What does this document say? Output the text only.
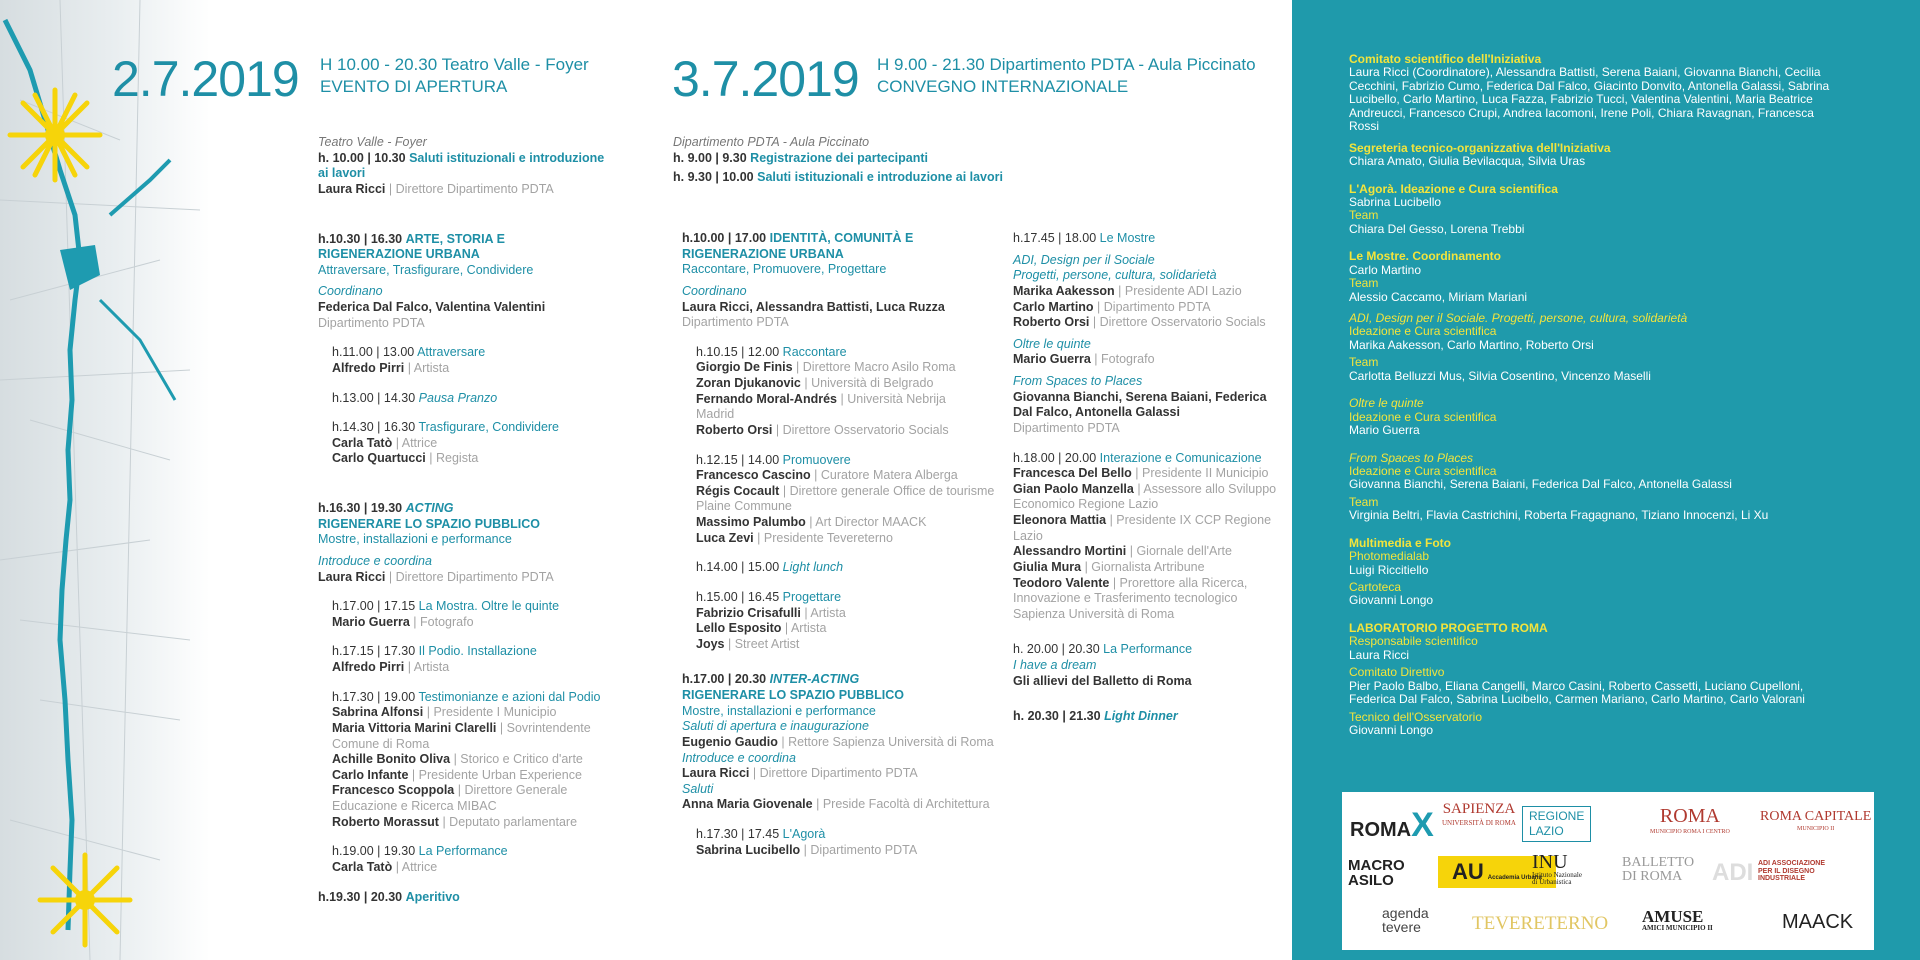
2.7.2019 H 10.00 - 20.30 Teatro Valle - Foyer
EVENTO DI APERTURA	3.7.2019 H 9.00 - 21.30 Dipartimento PDTA - Aula Piccinato
CONVEGNO INTERNAZIONALE
Teatro Valle - Foyer
h. 10.00 | 10.30 Saluti istituzionali e introduzione
ai lavori
Laura Ricci | Direttore Dipartimento PDTA
h.10.30 | 16.30 ARTE, STORIA E
RIGENERAZIONE URBANA
Attraversare, Trasfigurare, Condividere
Coordinano
Federica Dal Falco, Valentina Valentini
Dipartimento PDTA
h.11.00 | 13.00 Attraversare
Alfredo Pirri | Artista
h.13.00 | 14.30 Pausa Pranzo
h.14.30 | 16.30 Trasfigurare, Condividere
Carla Tatò | Attrice
Carlo Quartucci | Regista
h.16.30 | 19.30 ACTING
RIGENERARE LO SPAZIO PUBBLICO
Mostre, installazioni e performance
Introduce e coordina
Laura Ricci | Direttore Dipartimento PDTA
h.17.00 | 17.15 La Mostra. Oltre le quinte
Mario Guerra | Fotografo
h.17.15 | 17.30 Il Podio. Installazione
Alfredo Pirri | Artista
h.17.30 | 19.00 Testimonianze e azioni dal Podio
Sabrina Alfonsi | Presidente I Municipio
Maria Vittoria Marini Clarelli | Sovrintendente
Comune di Roma
Achille Bonito Oliva | Storico e Critico d'arte
Carlo Infante | Presidente Urban Experience
Francesco Scoppola | Direttore Generale
Educazione e Ricerca MIBAC
Roberto Morassut | Deputato parlamentare
h.19.00 | 19.30 La Performance
Carla Tatò | Attrice
h.19.30 | 20.30 Aperitivo
Dipartimento PDTA - Aula Piccinato
h. 9.00 | 9.30 Registrazione dei partecipanti
h. 9.30 | 10.00 Saluti istituzionali e introduzione ai lavori
h.10.00 | 17.00 IDENTITÀ, COMUNITÀ E
RIGENERAZIONE URBANA
Raccontare, Promuovere, Progettare
Coordinano
Laura Ricci, Alessandra Battisti, Luca Ruzza
Dipartimento PDTA
h.10.15 | 12.00 Raccontare
Giorgio De Finis | Direttore Macro Asilo Roma
Zoran Djukanovic | Università di Belgrado
Fernando Moral-Andrés | Università Nebrija
Madrid
Roberto Orsi | Direttore Osservatorio Socials
h.12.15 | 14.00 Promuovere
Francesco Cascino | Curatore Matera Alberga
Régis Cocault | Direttore generale Office de tourisme
Plaine Commune
Massimo Palumbo | Art Director MAACK
Luca Zevi | Presidente Tevereterno
h.14.00 | 15.00 Light lunch
h.15.00 | 16.45 Progettare
Fabrizio Crisafulli | Artista
Lello Esposito | Artista
Joys | Street Artist
h.17.00 | 20.30 INTER-ACTING
RIGENERARE LO SPAZIO PUBBLICO
Mostre, installazioni e performance
Saluti di apertura e inaugurazione
Eugenio Gaudio | Rettore Sapienza Università di Roma
Introduce e coordina
Laura Ricci | Direttore Dipartimento PDTA
Saluti
Anna Maria Giovenale | Preside Facoltà di Architettura
h.17.30 | 17.45 L'Agorà
Sabrina Lucibello | Dipartimento PDTA
h.17.45 | 18.00 Le Mostre
ADI, Design per il Sociale
Progetti, persone, cultura, solidarietà
Marika Aakesson | Presidente ADI Lazio
Carlo Martino | Dipartimento PDTA
Roberto Orsi | Direttore Osservatorio Socials
Oltre le quinte
Mario Guerra | Fotografo
From Spaces to Places
Giovanna Bianchi, Serena Baiani, Federica
Dal Falco, Antonella Galassi
Dipartimento PDTA
h.18.00 | 20.00 Interazione e Comunicazione
Francesca Del Bello | Presidente II Municipio
Gian Paolo Manzella | Assessore allo Sviluppo
Economico Regione Lazio
Eleonora Mattia | Presidente IX CCP Regione
Lazio
Alessandro Mortini | Giornale dell'Arte
Giulia Mura | Giornalista Artribune
Teodoro Valente | Prorettore alla Ricerca,
Innovazione e Trasferimento tecnologico
Sapienza Università di Roma
h. 20.00 | 20.30 La Performance
I have a dream
Gli allievi del Balletto di Roma
h. 20.30 | 21.30 Light Dinner
Comitato scientifico dell'Iniziativa
Laura Ricci (Coordinatore), Alessandra Battisti, Serena Baiani, Giovanna Bianchi, Cecilia
Cecchini, Fabrizio Cumo, Federica Dal Falco, Giacinto Donvito, Antonella Galassi, Sabrina
Lucibello, Carlo Martino, Luca Fazza, Fabrizio Tucci, Valentina Valentini, Maria Beatrice
Andreucci, Francesco Crupi, Andrea Iacomoni, Irene Poli, Chiara Ravagnan, Francesca
Rossi
Segreteria tecnico-organizzativa dell'Iniziativa
Chiara Amato, Giulia Bevilacqua, Silvia Uras
L'Agorà. Ideazione e Cura scientifica
Sabrina Lucibello
Team
Chiara Del Gesso, Lorena Trebbi
Le Mostre. Coordinamento
Carlo Martino
Team
Alessio Caccamo, Miriam Mariani
ADI, Design per il Sociale. Progetti, persone, cultura, solidarietà
Ideazione e Cura scientifica
Marika Aakesson, Carlo Martino, Roberto Orsi
Team
Carlotta Belluzzi Mus, Silvia Cosentino, Vincenzo Maselli
Oltre le quinte
Ideazione e Cura scientifica
Mario Guerra
From Spaces to Places
Ideazione e Cura scientifica
Giovanna Bianchi, Serena Baiani, Federica Dal Falco, Antonella Galassi
Team
Virginia Beltri, Flavia Castrichini, Roberta Fragagnano, Tiziano Innocenzi, Li Xu
Multimedia e Foto
Photomedialab
Luigi Riccitiello
Cartoteca
Giovanni Longo
LABORATORIO PROGETTO ROMA
Responsabile scientifico
Laura Ricci
Comitato Direttivo
Pier Paolo Balbo, Eliana Cangelli, Marco Casini, Roberto Cassetti, Luciano Cupelloni,
Federica Dal Falco, Sabrina Lucibello, Carmen Mariano, Carlo Martino, Carlo Valorani
Tecnico dell'Osservatorio
Giovanni Longo
ROMAX SAPIENZA
UNIVERSITÀ DI ROMA REGIONE
LAZIO
ROMA
MUNICIPIO ROMA I CENTRO
ROMA CAPITALE
MUNICIPIO II
MACRO
ASILO	AU Accademia Urbana
INU
Istituto Nazionale
di Urbanistica
BALLETTO
DI ROMA	ADI ADI ASSOCIAZIONE
PER IL DISEGNO
INDUSTRIALE
agenda
tevere	TEVERETERNO AMUSE
AMICI MUNICIPIO II	MAACK
